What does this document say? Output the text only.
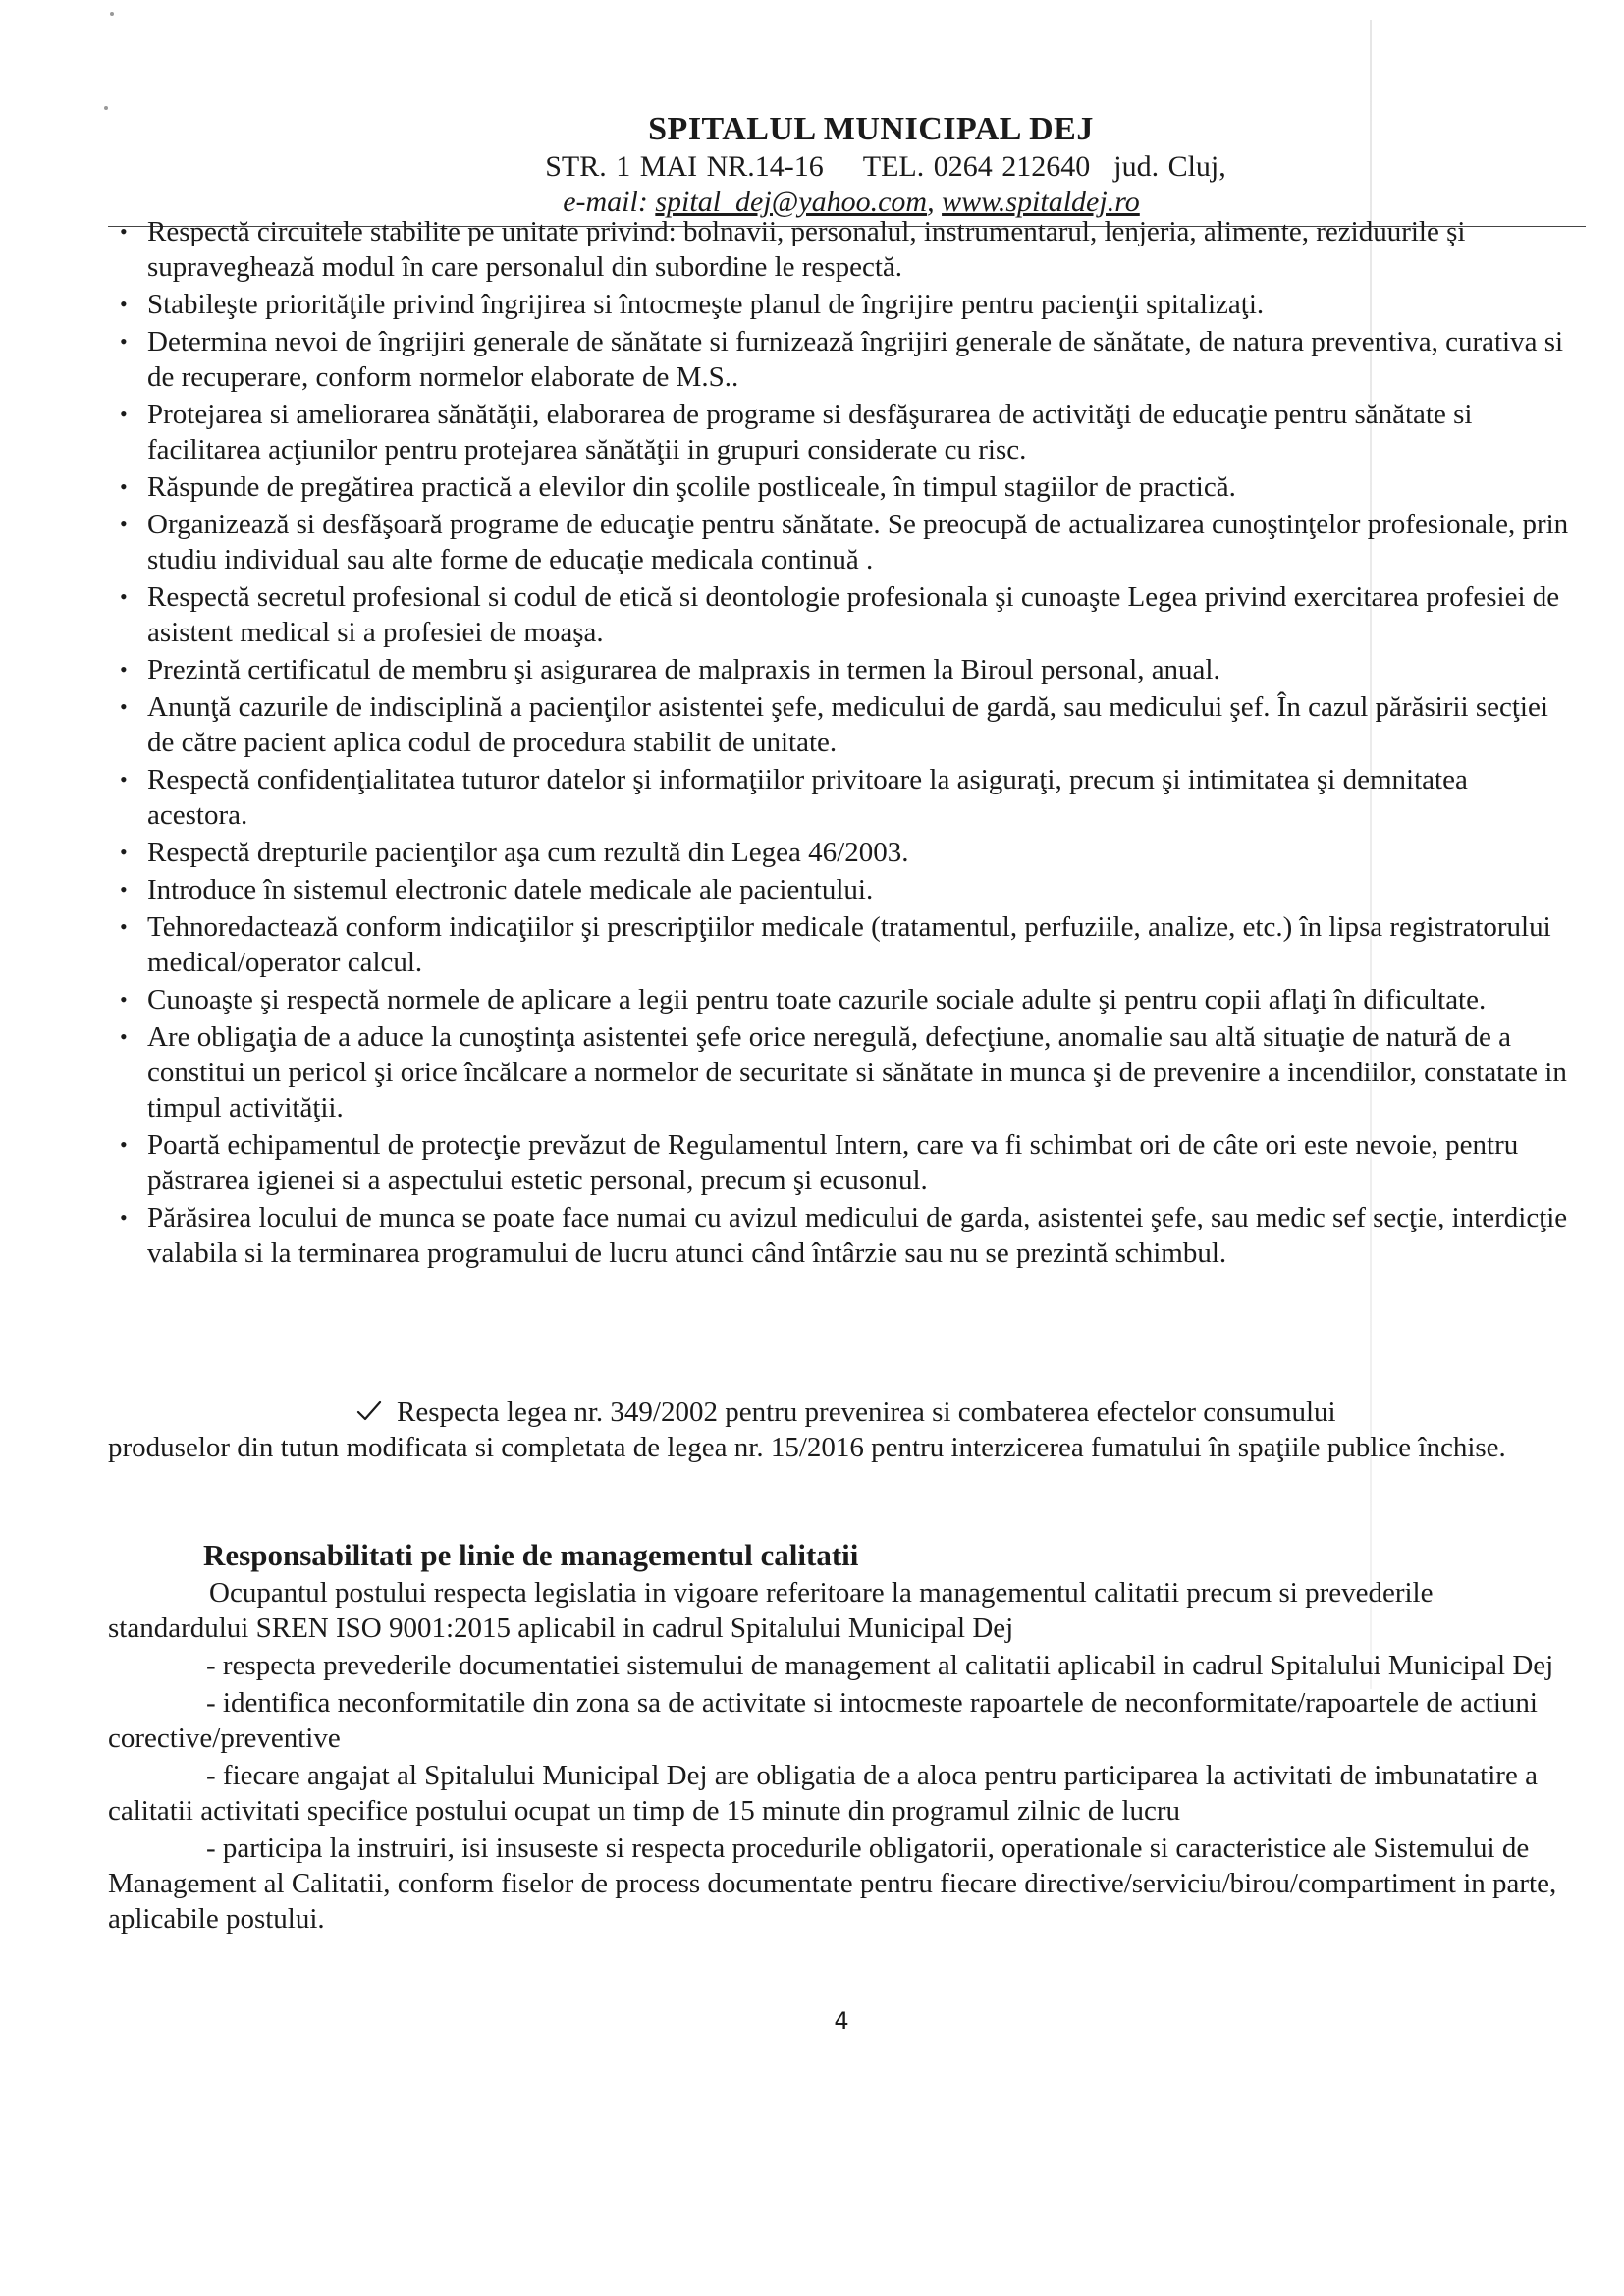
SPITALUL MUNICIPAL DEJ
STR. 1 MAI NR.14-16 TEL. 0264 212640 jud. Cluj,
e-mail: spital_dej@yahoo.com, www.spitaldej.ro
• Respectă circuitele stabilite pe unitate privind: bolnavii, personalul, instrumentarul, lenjeria, alimente, reziduurile şi supraveghează modul în care personalul din subordine le respectă.
• Stabileşte priorităţile privind îngrijirea si întocmeşte planul de îngrijire pentru pacienţii spitalizaţi.
• Determina nevoi de îngrijiri generale de sănătate si furnizează îngrijiri generale de sănătate, de natura preventiva, curativa si de recuperare, conform normelor elaborate de M.S..
• Protejarea si ameliorarea sănătăţii, elaborarea de programe si desfăşurarea de activităţi de educaţie pentru sănătate si facilitarea acţiunilor pentru protejarea sănătăţii in grupuri considerate cu risc.
• Răspunde de pregătirea practică a elevilor din şcolile postliceale, în timpul stagiilor de practică.
• Organizează si desfăşoară programe de educaţie pentru sănătate. Se preocupă de actualizarea cunoştinţelor profesionale, prin studiu individual sau alte forme de educaţie medicala continuă .
• Respectă secretul profesional si codul de etică si deontologie profesionala şi cunoaşte Legea privind exercitarea profesiei de asistent medical si a profesiei de moaşa.
• Prezintă certificatul de membru şi asigurarea de malpraxis in termen la Biroul personal, anual.
• Anunţă cazurile de indisciplină a pacienţilor asistentei şefe, medicului de gardă, sau medicului şef. În cazul părăsirii secţiei de către pacient aplica codul de procedura stabilit de unitate.
• Respectă confidenţialitatea tuturor datelor şi informaţiilor privitoare la asiguraţi, precum şi intimitatea şi demnitatea acestora.
• Respectă drepturile pacienţilor aşa cum rezultă din Legea 46/2003.
• Introduce în sistemul electronic datele medicale ale pacientului.
• Tehnoredactează conform indicaţiilor şi prescripţiilor medicale (tratamentul, perfuziile, analize, etc.) în lipsa registratorului medical/operator calcul.
• Cunoaşte şi respectă normele de aplicare a legii pentru toate cazurile sociale adulte şi pentru copii aflaţi în dificultate.
• Are obligaţia de a aduce la cunoştinţa asistentei şefe orice neregulă, defecţiune, anomalie sau altă situaţie de natură de a constitui un pericol şi orice încălcare a normelor de securitate si sănătate in munca şi de prevenire a incendiilor, constatate in timpul activităţii.
• Poartă echipamentul de protecţie prevăzut de Regulamentul Intern, care va fi schimbat ori de câte ori este nevoie, pentru păstrarea igienei si a aspectului estetic personal, precum şi ecusonul.
• Părăsirea locului de munca se poate face numai cu avizul medicului de garda, asistentei şefe, sau medic sef secţie, interdicţie valabila si la terminarea programului de lucru atunci când întârzie sau nu se prezintă schimbul.
Respecta legea nr. 349/2002 pentru prevenirea si combaterea efectelor consumului
produselor din tutun modificata si completata de legea nr. 15/2016 pentru interzicerea fumatului în spaţiile publice închise.
Responsabilitati pe linie de managementul calitatii

Ocupantul postului respecta legislatia in vigoare referitoare la managementul calitatii precum si prevederile standardului SREN ISO 9001:2015 aplicabil in cadrul Spitalului Municipal Dej

- respecta prevederile documentatiei sistemului de management al calitatii aplicabil in cadrul Spitalului Municipal Dej

- identifica neconformitatile din zona sa de activitate si intocmeste rapoartele de neconformitate/rapoartele de actiuni corective/preventive

- fiecare angajat al Spitalului Municipal Dej are obligatia de a aloca pentru participarea la activitati de imbunatatire a calitatii activitati specifice postului ocupat un timp de 15 minute din programul zilnic de lucru

- participa la instruiri, isi insuseste si respecta procedurile obligatorii, operationale si caracteristice ale Sistemului de Management al Calitatii, conform fiselor de process documentate pentru fiecare directive/serviciu/birou/compartiment in parte, aplicabile postului.

4
